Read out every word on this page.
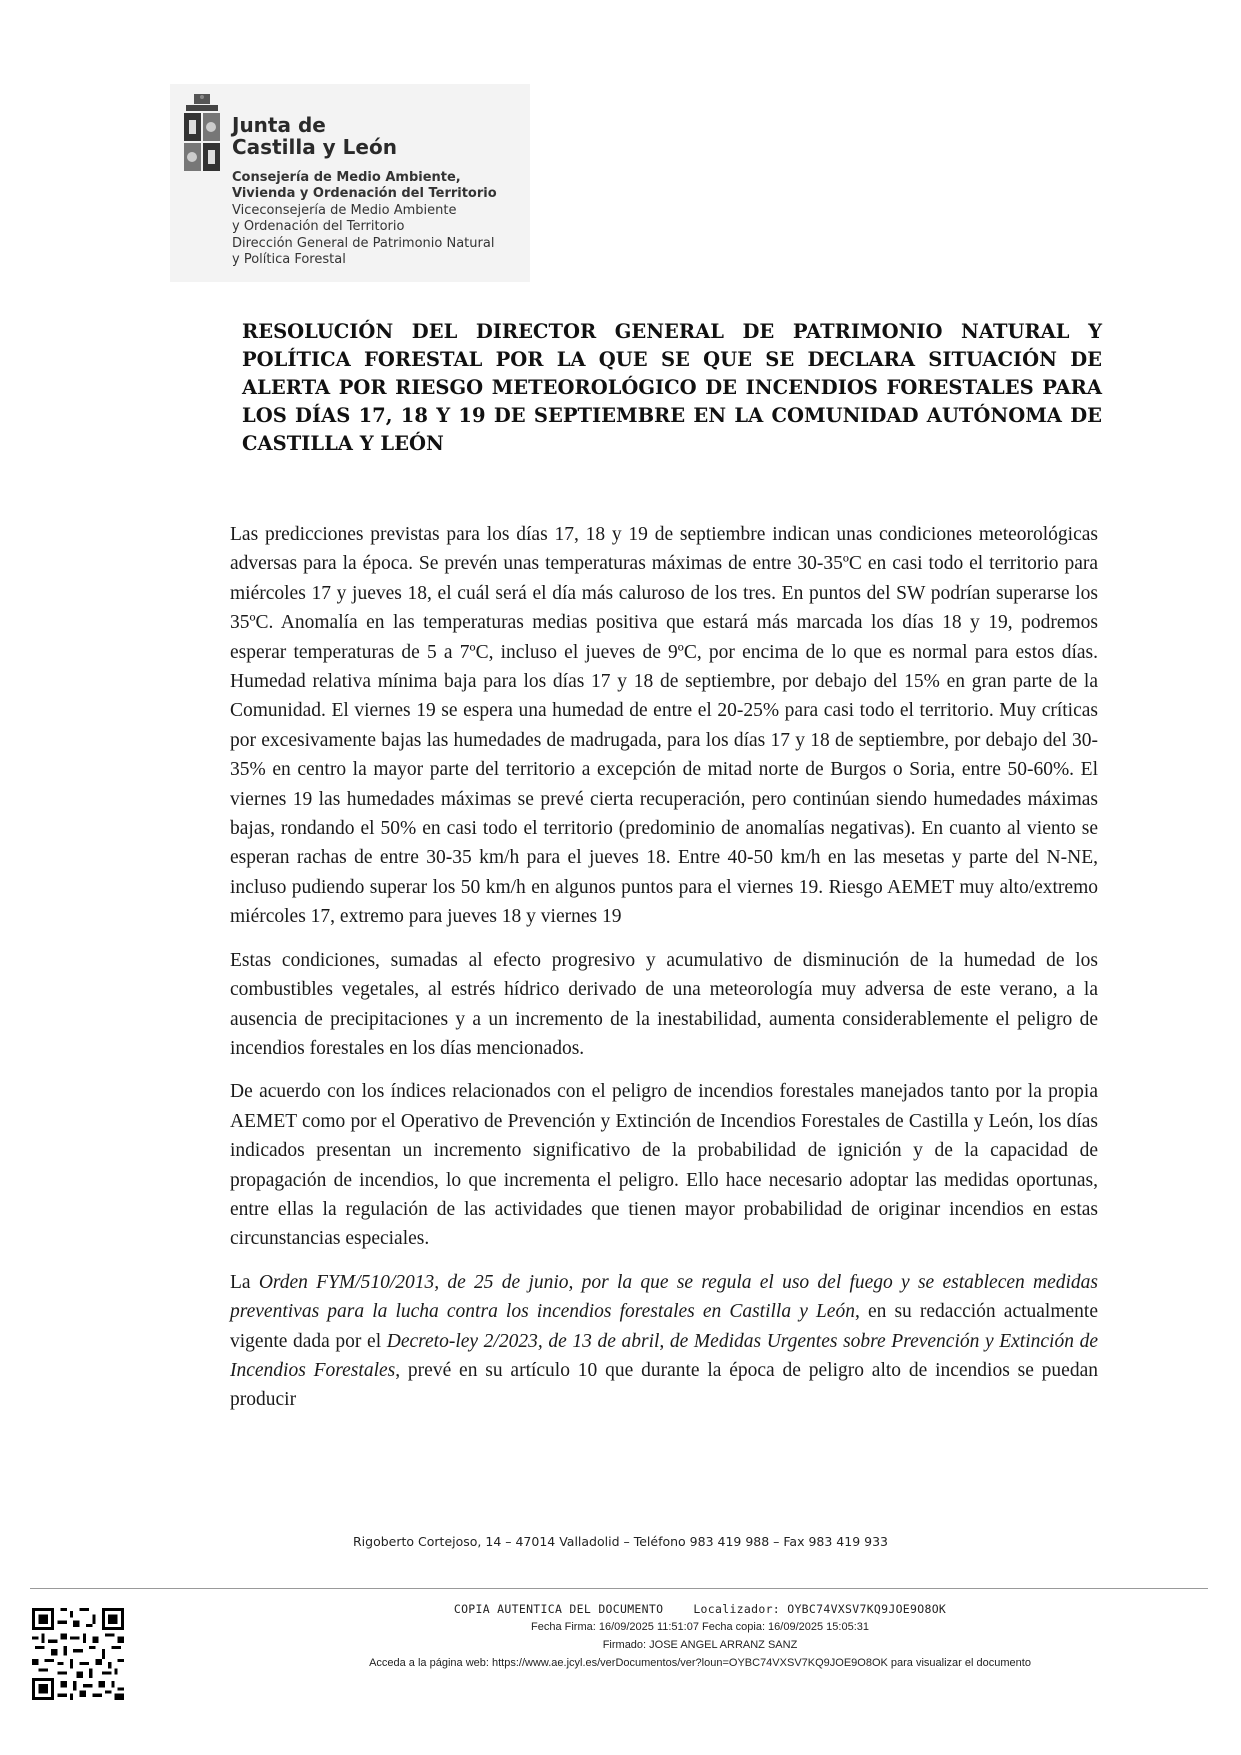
Junta de
Castilla y León
Consejería de Medio Ambiente,
Vivienda y Ordenación del Territorio
Viceconsejería de Medio Ambiente
y Ordenación del Territorio
Dirección General de Patrimonio Natural
y Política Forestal
RESOLUCIÓN DEL DIRECTOR GENERAL DE PATRIMONIO NATURAL Y POLÍTICA FORESTAL POR LA QUE SE QUE SE DECLARA SITUACIÓN DE ALERTA POR RIESGO METEOROLÓGICO DE INCENDIOS FORESTALES PARA LOS DÍAS 17, 18 Y 19 DE SEPTIEMBRE EN LA COMUNIDAD AUTÓNOMA DE CASTILLA Y LEÓN

Las predicciones previstas para los días 17, 18 y 19 de septiembre indican unas condiciones meteorológicas adversas para la época. Se prevén unas temperaturas máximas de entre 30-35ºC en casi todo el territorio para miércoles 17 y jueves 18, el cuál será el día más caluroso de los tres. En puntos del SW podrían superarse los 35ºC. Anomalía en las temperaturas medias positiva que estará más marcada los días 18 y 19, podremos esperar temperaturas de 5 a 7ºC, incluso el jueves de 9ºC, por encima de lo que es normal para estos días. Humedad relativa mínima baja para los días 17 y 18 de septiembre, por debajo del 15% en gran parte de la Comunidad. El viernes 19 se espera una humedad de entre el 20-25% para casi todo el territorio. Muy críticas por excesivamente bajas las humedades de madrugada, para los días 17 y 18 de septiembre, por debajo del 30-35% en centro la mayor parte del territorio a excepción de mitad norte de Burgos o Soria, entre 50-60%. El viernes 19 las humedades máximas se prevé cierta recuperación, pero continúan siendo humedades máximas bajas, rondando el 50% en casi todo el territorio (predominio de anomalías negativas). En cuanto al viento se esperan rachas de entre 30-35 km/h para el jueves 18. Entre 40-50 km/h en las mesetas y parte del N-NE, incluso pudiendo superar los 50 km/h en algunos puntos para el viernes 19. Riesgo AEMET muy alto/extremo miércoles 17, extremo para jueves 18 y viernes 19

Estas condiciones, sumadas al efecto progresivo y acumulativo de disminución de la humedad de los combustibles vegetales, al estrés hídrico derivado de una meteorología muy adversa de este verano, a la ausencia de precipitaciones y a un incremento de la inestabilidad, aumenta considerablemente el peligro de incendios forestales en los días mencionados.

De acuerdo con los índices relacionados con el peligro de incendios forestales manejados tanto por la propia AEMET como por el Operativo de Prevención y Extinción de Incendios Forestales de Castilla y León, los días indicados presentan un incremento significativo de la probabilidad de ignición y de la capacidad de propagación de incendios, lo que incrementa el peligro. Ello hace necesario adoptar las medidas oportunas, entre ellas la regulación de las actividades que tienen mayor probabilidad de originar incendios en estas circunstancias especiales.

La Orden FYM/510/2013, de 25 de junio, por la que se regula el uso del fuego y se establecen medidas preventivas para la lucha contra los incendios forestales en Castilla y León, en su redacción actualmente vigente dada por el Decreto-ley 2/2023, de 13 de abril, de Medidas Urgentes sobre Prevención y Extinción de Incendios Forestales, prevé en su artículo 10 que durante la época de peligro alto de incendios se puedan producir

Rigoberto Cortejoso, 14 – 47014 Valladolid – Teléfono 983 419 988 – Fax 983 419 933
COPIA AUTENTICA DEL DOCUMENTO	Localizador: OYBC74VXSV7KQ9JOE9O8OK
Fecha Firma: 16/09/2025 11:51:07 Fecha copia: 16/09/2025 15:05:31
Firmado: JOSE ANGEL ARRANZ SANZ
Acceda a la página web: https://www.ae.jcyl.es/verDocumentos/ver?loun=OYBC74VXSV7KQ9JOE9O8OK para visualizar el documento
